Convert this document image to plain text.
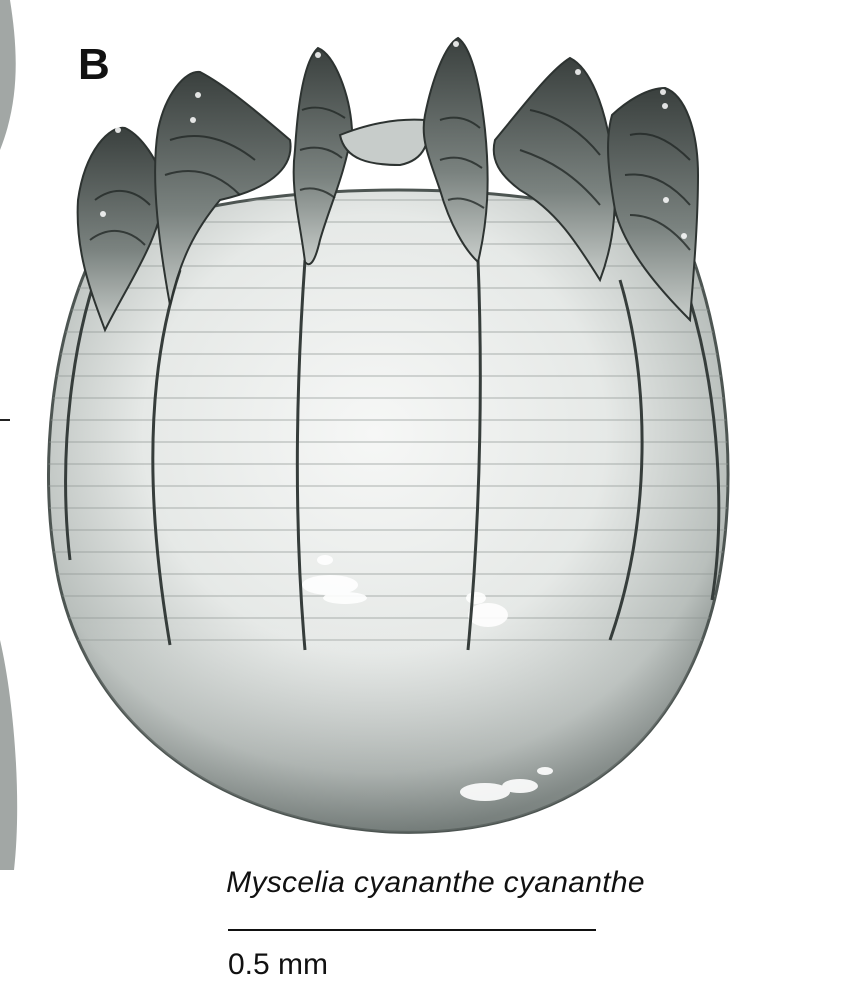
B
Myscelia cyananthe cyananthe
0.5 mm
